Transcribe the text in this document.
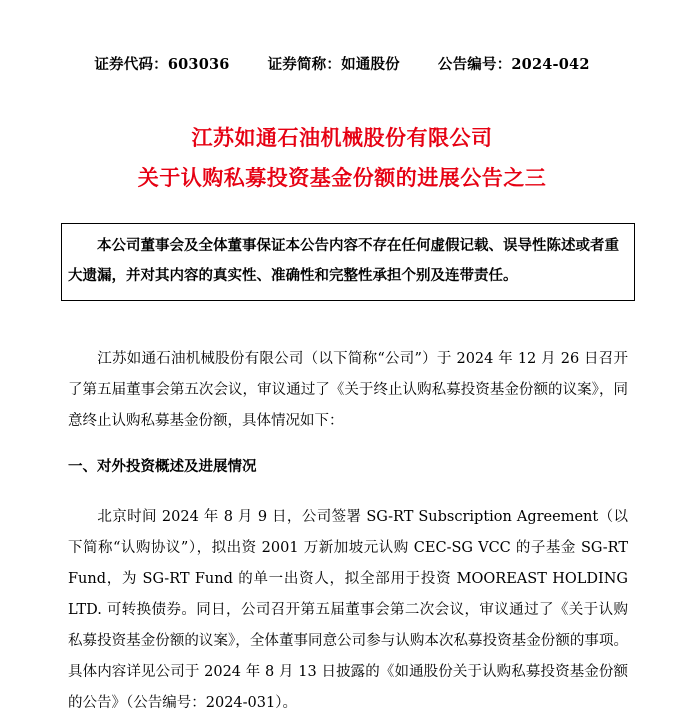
证券代码：603036	证券简称：如通股份	公告编号：2024-042
江苏如通石油机械股份有限公司
关于认购私募投资基金份额的进展公告之三
本公司董事会及全体董事保证本公告内容不存在任何虚假记载、误导性陈述或者重大遗漏，并对其内容的真实性、准确性和完整性承担个别及连带责任。
江苏如通石油机械股份有限公司（以下简称“公司”）于 2024 年 12 月 26 日召开了第五届董事会第五次会议，审议通过了《关于终止认购私募投资基金份额的议案》，同意终止认购私募基金份额，具体情况如下：
一、对外投资概述及进展情况
北京时间 2024 年 8 月 9 日，公司签署 SG-RT Subscription Agreement（以下简称“认购协议”），拟出资 2001 万新加坡元认购 CEC-SG VCC 的子基金 SG-RT Fund，为 SG-RT Fund 的单一出资人，拟全部用于投资 MOOREAST HOLDING LTD. 可转换债券。同日，公司召开第五届董事会第二次会议，审议通过了《关于认购私募投资基金份额的议案》，全体董事同意公司参与认购本次私募投资基金份额的事项。具体内容详见公司于 2024 年 8 月 13 日披露的《如通股份关于认购私募投资基金份额的公告》（公告编号：2024-031）。
